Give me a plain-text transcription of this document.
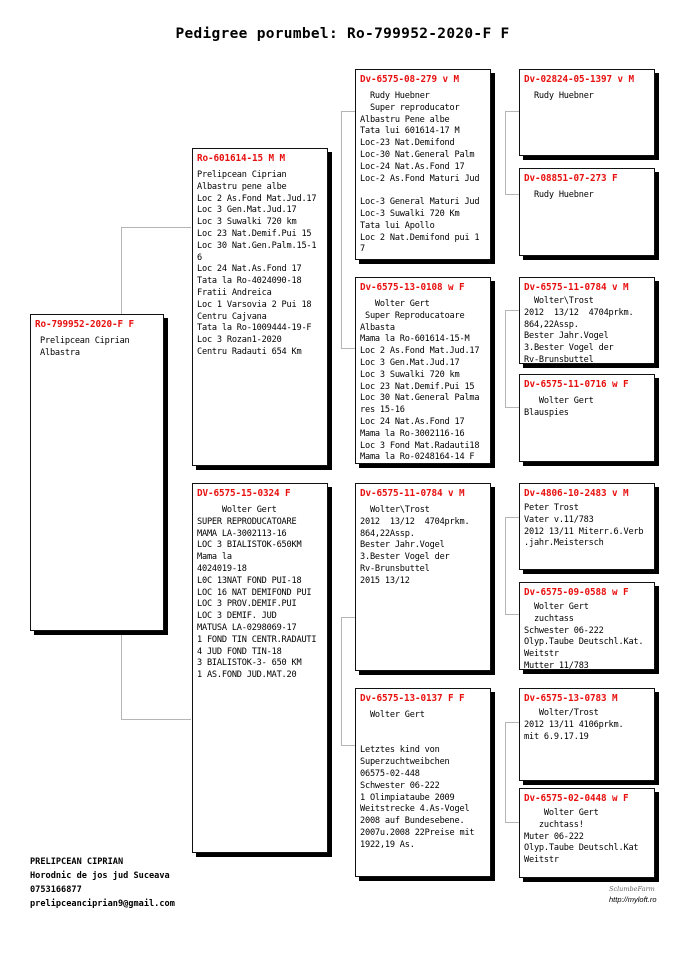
Pedigree porumbel: Ro-799952-2020-F F
Ro-799952-2020-F F
Prelipcean Ciprian
Albastra
Ro-601614-15 M M
Prelipcean Ciprian
Albastru pene albe
Loc 2 As.Fond Mat.Jud.17
Loc 3 Gen.Mat.Jud.17
Loc 3 Suwalki 720 km
Loc 23 Nat.Demif.Pui 15
Loc 30 Nat.Gen.Palm.15-1
6
Loc 24 Nat.As.Fond 17
Tata la Ro-4024090-18
Fratii Andreica
Loc 1 Varsovia 2 Pui 18
Centru Cajvana
Tata la Ro-1009444-19-F
Loc 3 Rozan1-2020
Centru Radauti 654 Km
DV-6575-15-0324 F
Wolter Gert
SUPER REPRODUCATOARE
MAMA LA-3002113-16
LOC 3 BIALISTOK-650KM
Mama la
4024019-18
L0C 13NAT FOND PUI-18
LOC 16 NAT DEMIFOND PUI
LOC 3 PROV.DEMIF.PUI
LOC 3 DEMIF. JUD
MATUSA LA-0298069-17
1 FOND TIN CENTR.RADAUTI
4 JUD FOND TIN-18
3 BIALISTOK-3- 650 KM
1 AS.FOND JUD.MAT.20
Dv-6575-08-279 v M
Rudy Huebner
Super reproducator
Albastru Pene albe
Tata lui 601614-17 M
Loc-23 Nat.Demifond
Loc-30 Nat.General Palm
Loc-24 Nat.As.Fond 17
Loc-2 As.Fond Maturi Jud

Loc-3 General Maturi Jud
Loc-3 Suwalki 720 Km
Tata lui Apollo
Loc 2 Nat.Demifond pui 1
7
Dv-6575-13-0108 w F
Wolter Gert
Super Reproducatoare
Albasta
Mama la Ro-601614-15-M
Loc 2 As.Fond Mat.Jud.17
Loc 3 Gen.Mat.Jud.17
Loc 3 Suwalki 720 km
Loc 23 Nat.Demif.Pui 15
Loc 30 Nat.General Palma
res 15-16
Loc 24 Nat.As.Fond 17
Mama la Ro-3002116-16
Loc 3 Fond Mat.Radauti18
Mama la Ro-0248164-14 F
Dv-6575-11-0784 v M
Wolter\Trost
2012  13/12  4704prkm.
864,22Assp.
Bester Jahr.Vogel
3.Bester Vogel der
Rv-Brunsbuttel
2015 13/12
Dv-6575-13-0137 F F
Wolter Gert

Letztes kind von
Superzuchtweibchen
06575-02-448
Schwester 06-222
1 Olimpiataube 2009
Weitstrecke 4.As-Vogel
2008 auf Bundesebene.
2007u.2008 22Preise mit
1922,19 As.
Dv-02824-05-1397 v M
Rudy Huebner
Dv-08851-07-273 F
Rudy Huebner
Dv-6575-11-0784 v M
Wolter\Trost
2012  13/12  4704prkm.
864,22Assp.
Bester Jahr.Vogel
3.Bester Vogel der
Rv-Brunsbuttel
Dv-6575-11-0716 w F
Wolter Gert
Blauspies
Dv-4806-10-2483 v M
Peter Trost
Vater v.11/783
2012 13/11 Miterr.6.Verb
.jahr.Meistersch
Dv-6575-09-0588 w F
Wolter Gert
zuchtass
Schwester 06-222
Olyp.Taube Deutschl.Kat.
Weitstr
Mutter 11/783
Dv-6575-13-0783 M
Wolter/Trost
2012 13/11 4106prkm.
mit 6.9.17.19
Dv-6575-02-0448 w F
Wolter Gert
zuchtass!
Muter 06-222
Olyp.Taube Deutschl.Kat
Weitstr
PRELIPCEAN CIPRIAN
Horodnic de jos jud Suceava
0753166877
prelipceanciprian9@gmail.com
SclumbeFarm
http://myloft.ro
